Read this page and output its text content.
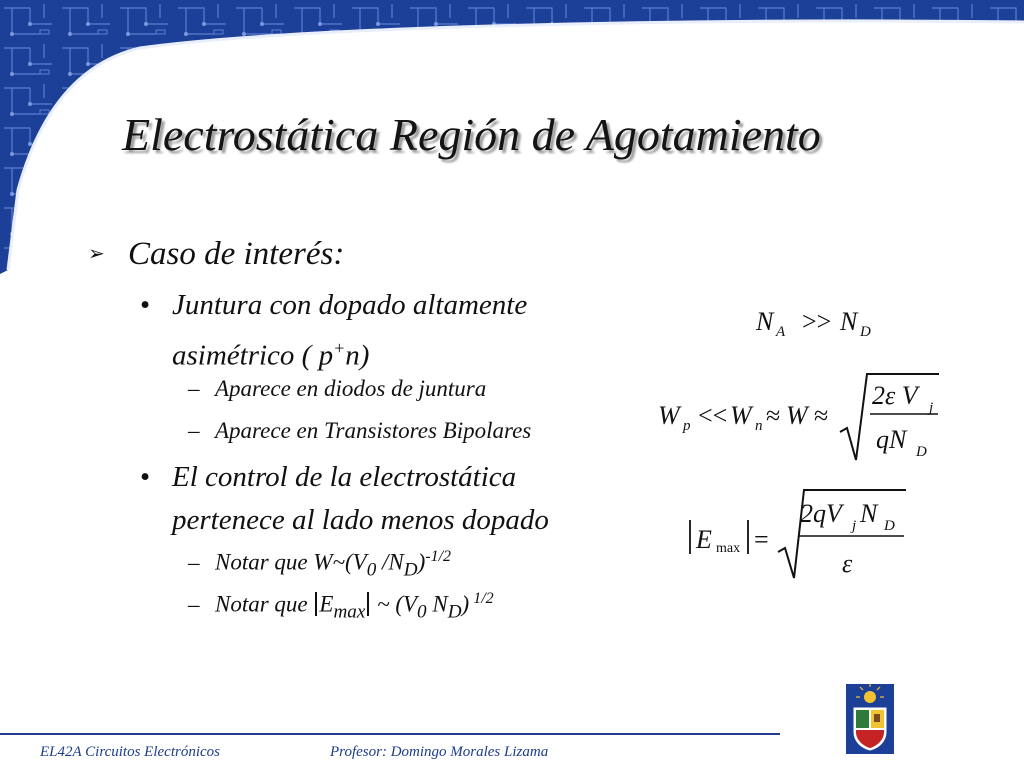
Electrostática Región de Agotamiento
➢ Caso de interés:
• Juntura con dopado altamente
asimétrico ( p+n)
– Aparece en diodos de juntura
– Aparece en Transistores Bipolares
• El control de la electrostática
pertenece al lado menos dopado
– Notar que $W\sim(V_0$ $/N_D)^{-1/2}$
– Notar que $E_{max}$ ~ ($V_0$ $N_D$) $^{1/2}$
N A >> N D
W p << W n ≈ W ≈
2ε V j
qN D
E max =
2qV j N D
ε
EL42A Circuitos Electrónicos	Profesor: Domingo Morales Lizama
